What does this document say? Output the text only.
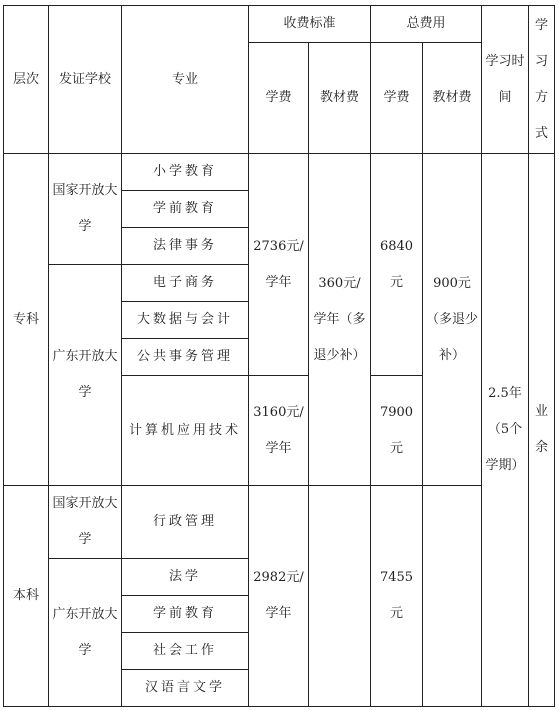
层次	发证学校	专业	收费标准		总费用		学习时间	学习方式
			学费	教材费	学费	教材费		
专科	国家开放大学	小学教育	2736元/学年	360元/学年（多退少补）	6840元	900元（多退少补）	2.5年（5个学期）	业余
		学前教育						
		法律事务						
	广东开放大学	电子商务						
		大数据与会计						
		公共事务管理						
		计算机应用技术	3160元/学年		7900元			

本科	国家开放大学	行政管理	2982元/学年		7455元			

	广东开放大学	法学						
		学前教育						
		社会工作						
		汉语言文学						
